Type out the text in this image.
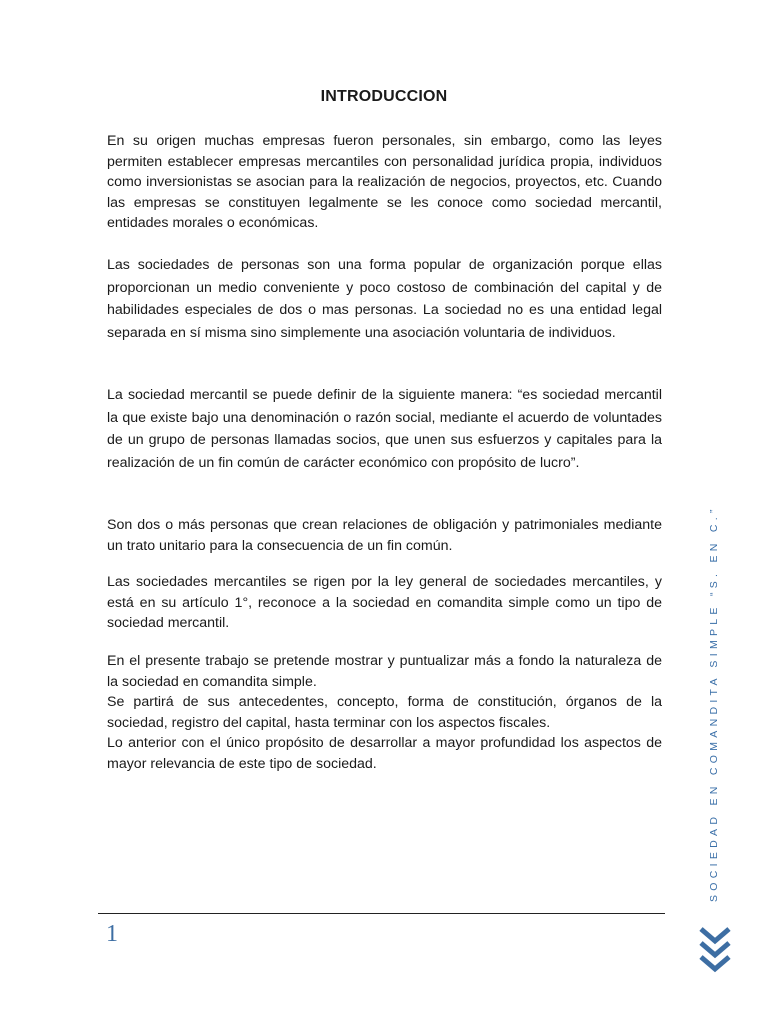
INTRODUCCION

En su origen muchas empresas fueron personales, sin embargo, como las leyes permiten establecer empresas mercantiles con personalidad jurídica propia, individuos como inversionistas se asocian para la realización de negocios, proyectos, etc. Cuando las empresas se constituyen legalmente se les conoce como sociedad mercantil, entidades morales o económicas.

Las sociedades de personas son una forma popular de organización porque ellas proporcionan un medio conveniente y poco costoso de combinación del capital y de habilidades especiales de dos o mas personas. La sociedad no es una entidad legal separada en sí misma sino simplemente una asociación voluntaria de individuos.

La sociedad mercantil se puede definir de la siguiente manera: “es sociedad mercantil la que existe bajo una denominación o razón social, mediante el acuerdo de voluntades de un grupo de personas llamadas socios, que unen sus esfuerzos y capitales para la realización de un fin común de carácter económico con propósito de lucro”.

Son dos o más personas que crean relaciones de obligación y patrimoniales mediante un trato unitario para la consecuencia de un fin común.

Las sociedades mercantiles se rigen por la ley general de sociedades mercantiles, y está en su artículo 1°, reconoce a la sociedad en comandita simple como un tipo de sociedad mercantil.

En el presente trabajo se pretende mostrar y puntualizar más a fondo la naturaleza de la sociedad en comandita simple.
Se partirá de sus antecedentes, concepto, forma de constitución, órganos de la sociedad, registro del capital, hasta terminar con los aspectos fiscales.
Lo anterior con el único propósito de desarrollar a mayor profundidad los aspectos de mayor relevancia de este tipo de sociedad.	SOCIEDAD EN COMANDITA SIMPLE “S. EN C.”
1
